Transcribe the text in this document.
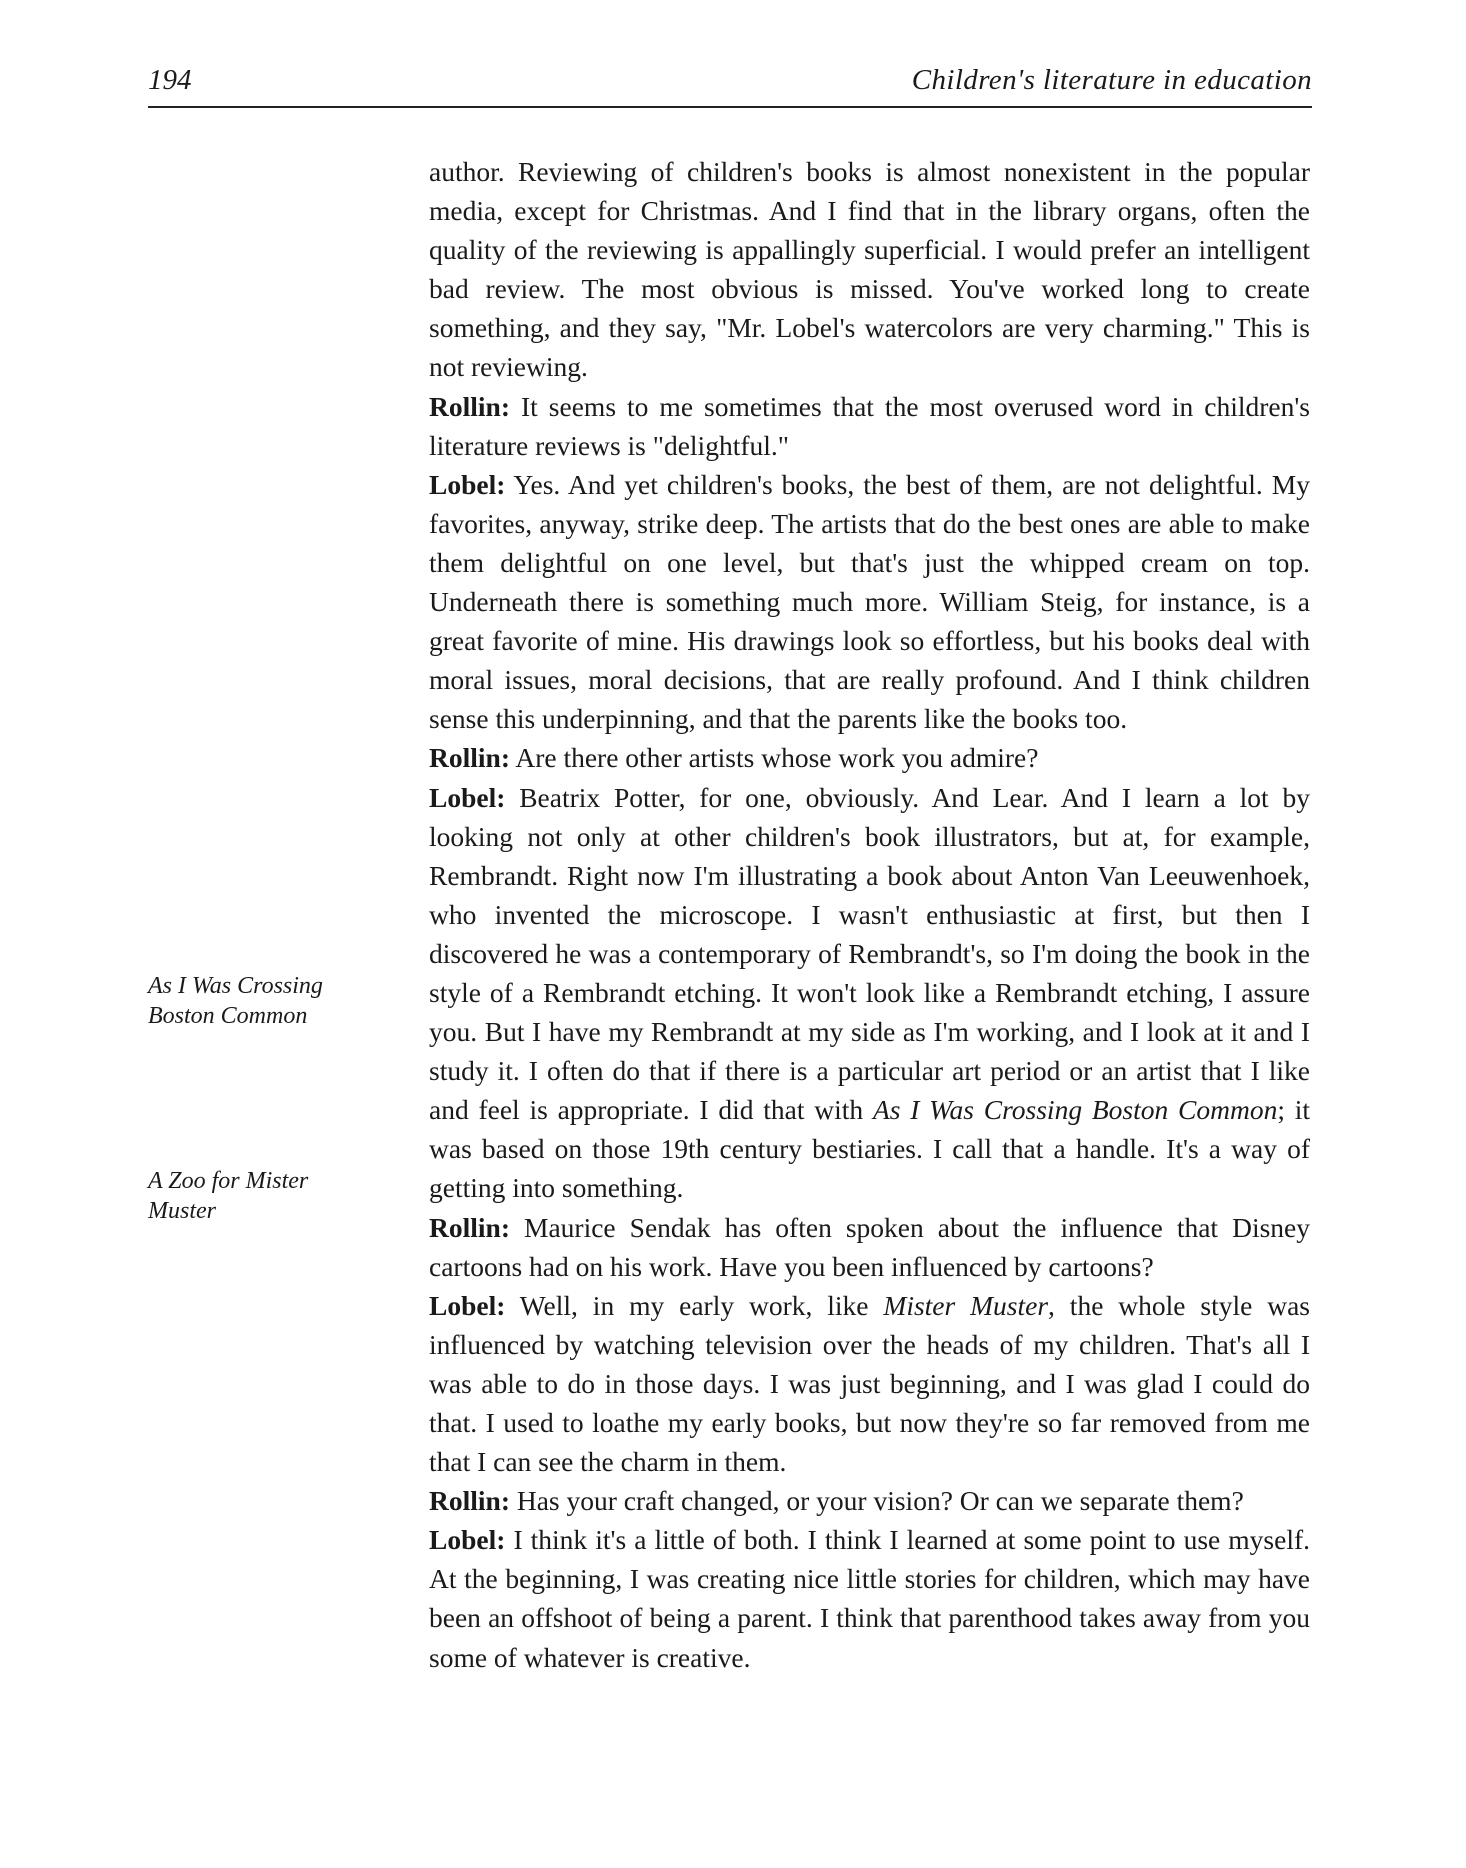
194	Children's literature in education
As I Was Crossing
Boston Common
A Zoo for Mister
Muster

author. Reviewing of children's books is almost nonexistent in the popular media, except for Christmas. And I find that in the library organs, often the quality of the reviewing is appallingly superficial. I would prefer an intelligent bad review. The most obvious is missed. You've worked long to create something, and they say, "Mr. Lobel's watercolors are very charming." This is not reviewing.

Rollin: It seems to me sometimes that the most overused word in children's literature reviews is "delightful."

Lobel: Yes. And yet children's books, the best of them, are not delightful. My favorites, anyway, strike deep. The artists that do the best ones are able to make them delightful on one level, but that's just the whipped cream on top. Underneath there is something much more. William Steig, for instance, is a great favorite of mine. His drawings look so effortless, but his books deal with moral issues, moral decisions, that are really profound. And I think children sense this underpinning, and that the parents like the books too.

Rollin: Are there other artists whose work you admire?

Lobel: Beatrix Potter, for one, obviously. And Lear. And I learn a lot by looking not only at other children's book illustrators, but at, for example, Rembrandt. Right now I'm illustrating a book about Anton Van Leeuwenhoek, who invented the microscope. I wasn't enthusiastic at first, but then I discovered he was a contemporary of Rembrandt's, so I'm doing the book in the style of a Rembrandt etching. It won't look like a Rembrandt etching, I assure you. But I have my Rembrandt at my side as I'm working, and I look at it and I study it. I often do that if there is a particular art period or an artist that I like and feel is appropriate. I did that with As I Was Crossing Boston Common; it was based on those 19th century bestiaries. I call that a handle. It's a way of getting into something.

Rollin: Maurice Sendak has often spoken about the influence that Disney cartoons had on his work. Have you been influenced by cartoons?

Lobel: Well, in my early work, like Mister Muster, the whole style was influenced by watching television over the heads of my children. That's all I was able to do in those days. I was just beginning, and I was glad I could do that. I used to loathe my early books, but now they're so far removed from me that I can see the charm in them.

Rollin: Has your craft changed, or your vision? Or can we separate them?

Lobel: I think it's a little of both. I think I learned at some point to use myself. At the beginning, I was creating nice little stories for children, which may have been an offshoot of being a parent. I think that parenthood takes away from you some of whatever is creative.
